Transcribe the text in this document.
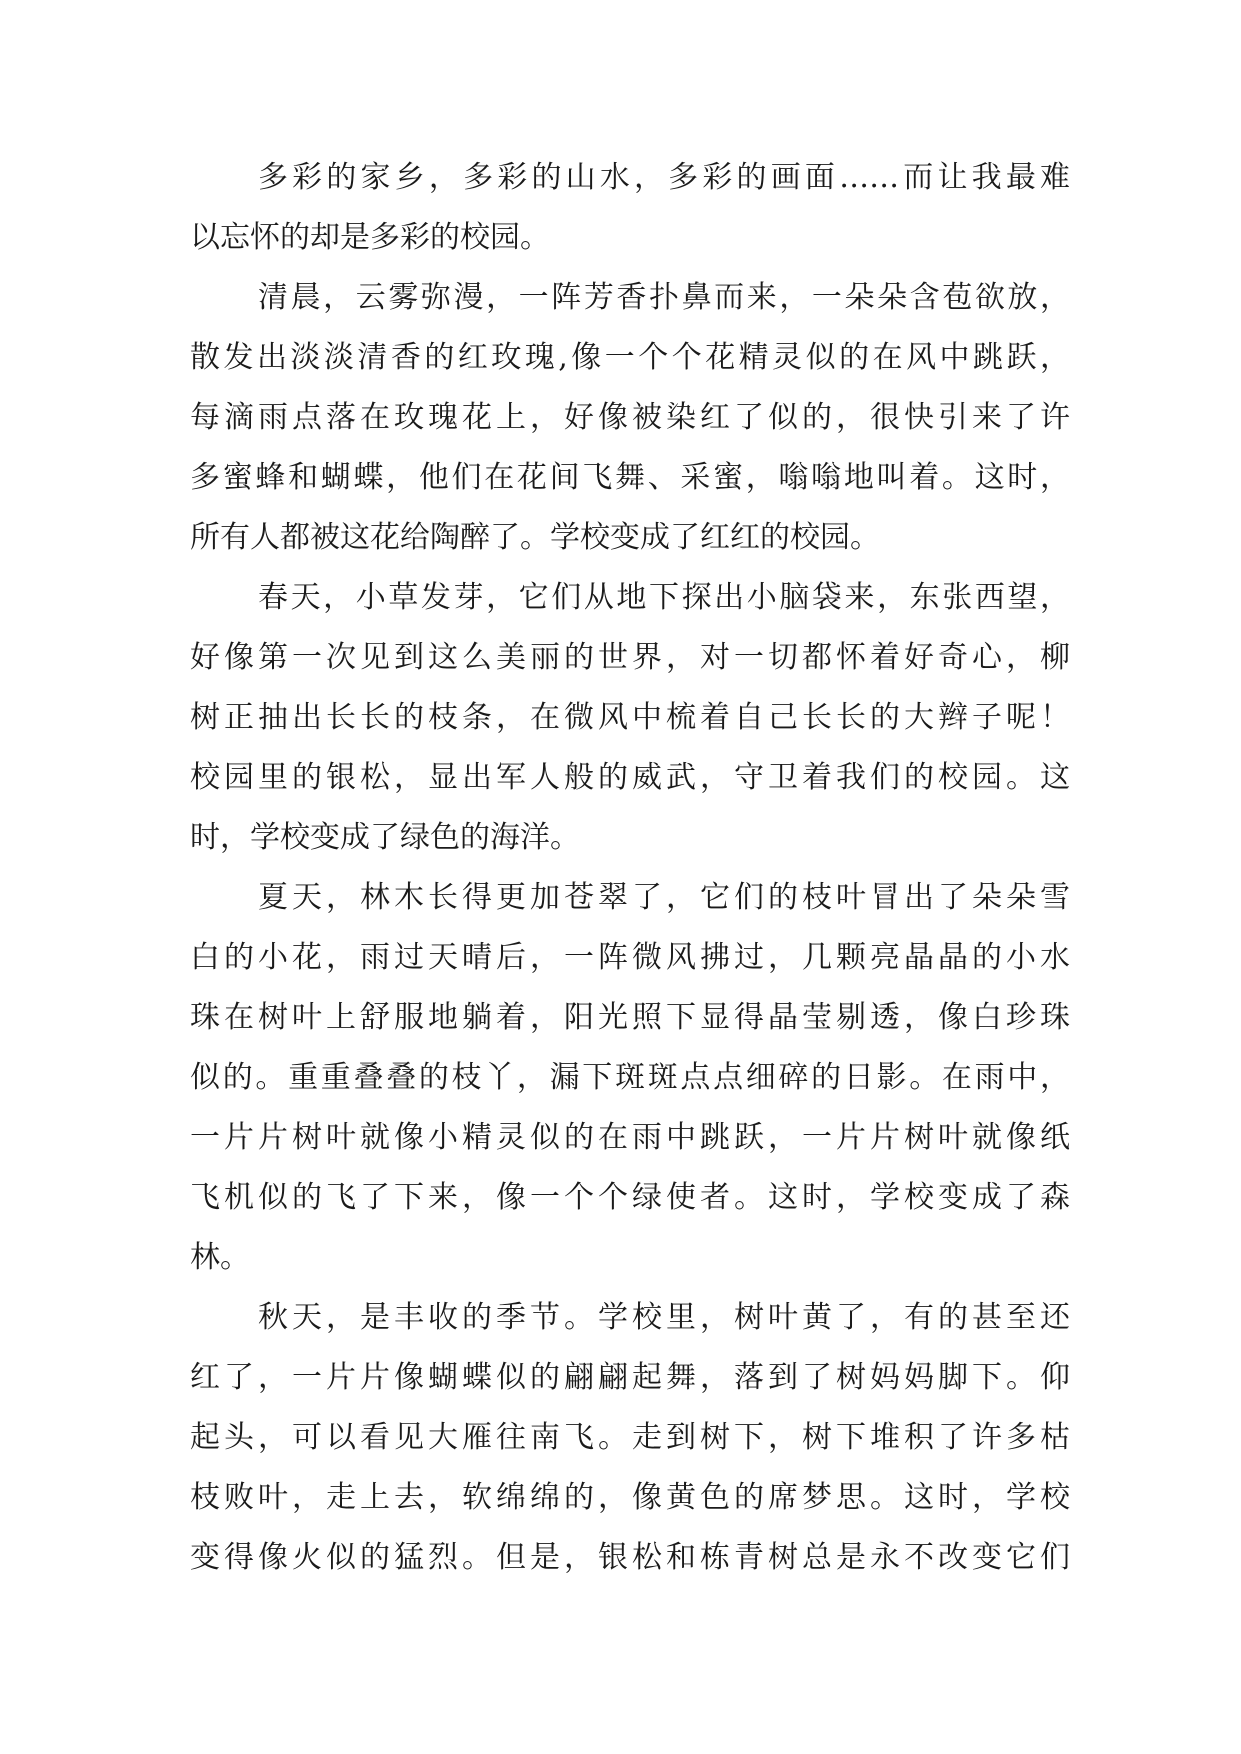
多彩的家乡，多彩的山水，多彩的画面……而让我最难
以忘怀的却是多彩的校园。
清晨，云雾弥漫，一阵芳香扑鼻而来，一朵朵含苞欲放，
散发出淡淡清香的红玫瑰,像一个个花精灵似的在风中跳跃，
每滴雨点落在玫瑰花上，好像被染红了似的，很快引来了许
多蜜蜂和蝴蝶，他们在花间飞舞、采蜜，嗡嗡地叫着。这时，
所有人都被这花给陶醉了。学校变成了红红的校园。
春天，小草发芽，它们从地下探出小脑袋来，东张西望，
好像第一次见到这么美丽的世界，对一切都怀着好奇心，柳
树正抽出长长的枝条，在微风中梳着自己长长的大辫子呢！
校园里的银松，显出军人般的威武，守卫着我们的校园。这
时，学校变成了绿色的海洋。
夏天，林木长得更加苍翠了，它们的枝叶冒出了朵朵雪
白的小花，雨过天晴后，一阵微风拂过，几颗亮晶晶的小水
珠在树叶上舒服地躺着，阳光照下显得晶莹剔透，像白珍珠
似的。重重叠叠的枝丫，漏下斑斑点点细碎的日影。在雨中，
一片片树叶就像小精灵似的在雨中跳跃，一片片树叶就像纸
飞机似的飞了下来，像一个个绿使者。这时，学校变成了森
林。
秋天，是丰收的季节。学校里，树叶黄了，有的甚至还
红了，一片片像蝴蝶似的翩翩起舞，落到了树妈妈脚下。仰
起头，可以看见大雁往南飞。走到树下，树下堆积了许多枯
枝败叶，走上去，软绵绵的，像黄色的席梦思。这时，学校
变得像火似的猛烈。但是，银松和栋青树总是永不改变它们
